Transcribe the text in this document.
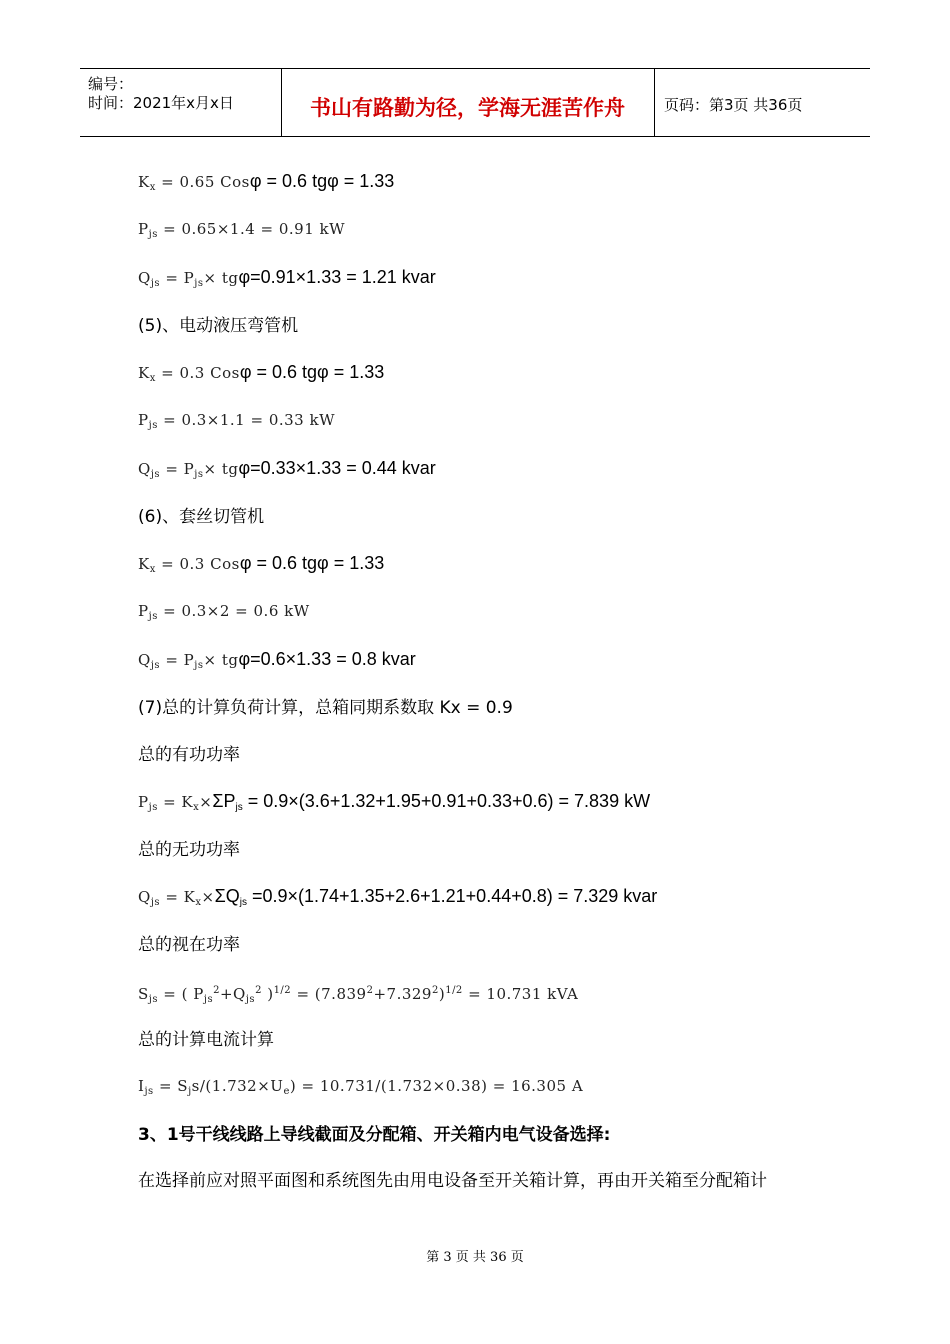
编号：
时间：2021年x月x日	书山有路勤为径，学海无涯苦作舟	页码：第3页 共36页
$K_x = 0.65$ Cosφ = 0.6 tgφ = 1.33
$P_{js} = 0.65\times 1.4 = 0.91$ kW
$Q_{js} = P_{js}\times tg\varphi=0.91\times 1.33 = 1.21$ kvar
(5)、电动液压弯管机
$K_x = 0.3$ Cosφ = 0.6 tgφ = 1.33
$P_{js} = 0.3\times 1.1 = 0.33$ kW
$Q_{js} = P_{js}\times tg\varphi=0.33\times 1.33 = 0.44$ kvar
(6)、套丝切管机
$K_x = 0.3$ Cosφ = 0.6 tgφ = 1.33
$P_{js} = 0.3\times 2 = 0.6$ kW
$Q_{js} = P_{js}\times tg\varphi=0.6\times 1.33 = 0.8$ kvar
(7)总的计算负荷计算，总箱同期系数取 Kx = 0.9
总的有功功率
$P_{js} = K_x\times\Sigma P_{js} = 0.9\times(3.6+1.32+1.95+0.91+0.33+0.6) = 7.839$ kW
总的无功功率
$Q_{js} = K_x\times\Sigma Q_{js} =0.9\times(1.74+1.35+2.6+1.21+0.44+0.8) = 7.329$ kvar
总的视在功率
$S_{js}$ = ( $P_{js}^2+Q_{js}^2$ )$^{1/2} = (7.839^2+7.329^2)^{1/2} = 10.731$ kVA
总的计算电流计算
$I_{js} = S_js/(1.732\times U_e) = 10.731/(1.732\times 0.38) = 16.305$ A
3、1号干线线路上导线截面及分配箱、开关箱内电气设备选择:
在选择前应对照平面图和系统图先由用电设备至开关箱计算，再由开关箱至分配箱计
第 3 页 共 36 页
